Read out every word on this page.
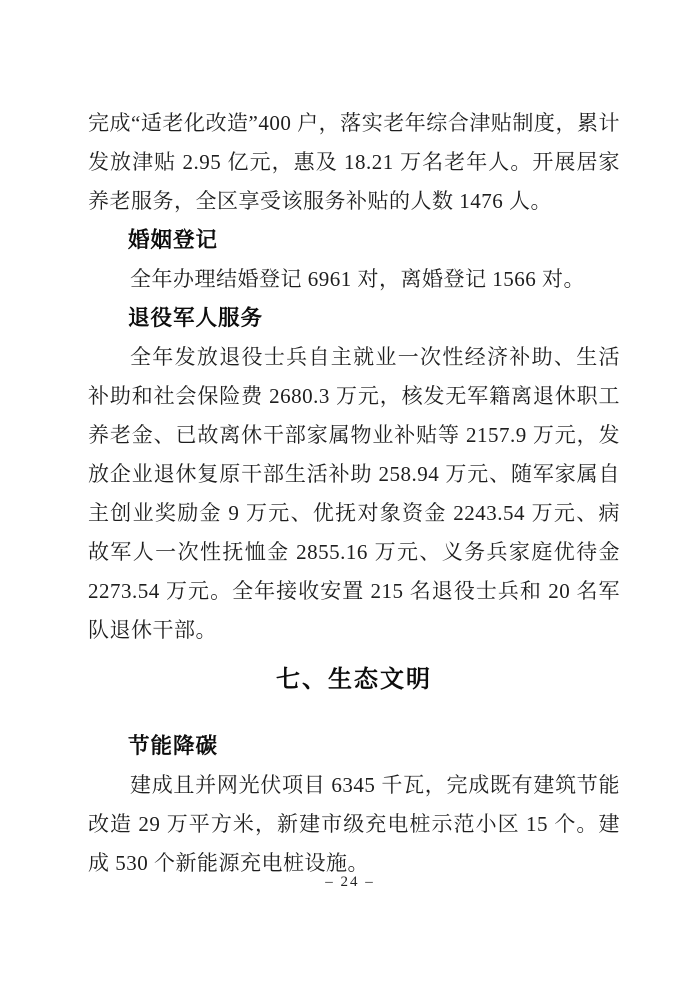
完成“适老化改造”400 户，落实老年综合津贴制度，累计发放津贴 2.95 亿元，惠及 18.21 万名老年人。开展居家养老服务，全区享受该服务补贴的人数 1476 人。

婚姻登记

全年办理结婚登记 6961 对，离婚登记 1566 对。

退役军人服务

全年发放退役士兵自主就业一次性经济补助、生活补助和社会保险费 2680.3 万元，核发无军籍离退休职工养老金、已故离休干部家属物业补贴等 2157.9 万元，发放企业退休复原干部生活补助 258.94 万元、随军家属自主创业奖励金 9 万元、优抚对象资金 2243.54 万元、病故军人一次性抚恤金 2855.16 万元、义务兵家庭优待金 2273.54 万元。全年接收安置 215 名退役士兵和 20 名军队退休干部。

七、生态文明
节能降碳

建成且并网光伏项目 6345 千瓦，完成既有建筑节能改造 29 万平方米，新建市级充电桩示范小区 15 个。建成 530 个新能源充电桩设施。

– 24 –
